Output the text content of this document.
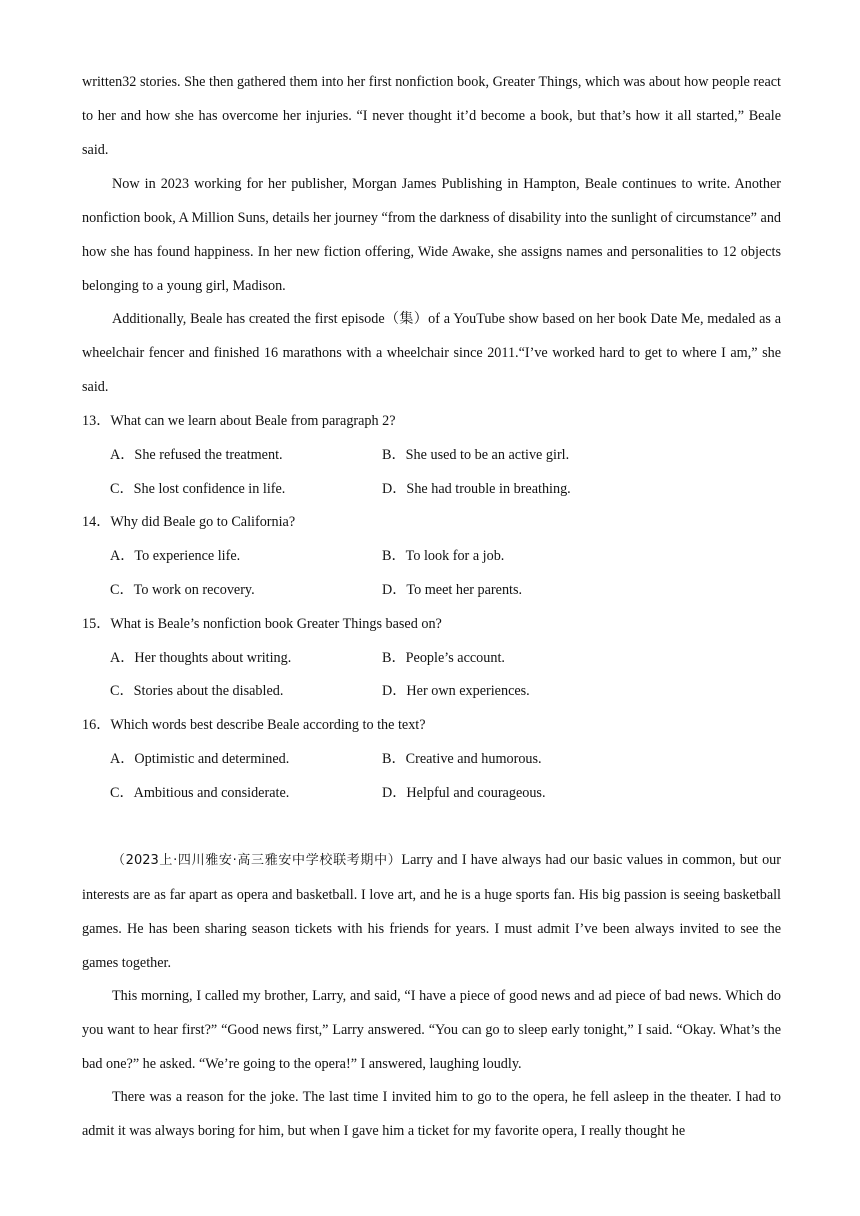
written32 stories. She then gathered them into her first nonfiction book, Greater Things, which was about how people react to her and how she has overcome her injuries. “I never thought it’d become a book, but that’s how it all started,” Beale said.

Now in 2023 working for her publisher, Morgan James Publishing in Hampton, Beale continues to write. Another nonfiction book, A Million Suns, details her journey “from the darkness of disability into the sunlight of circumstance” and how she has found happiness. In her new fiction offering, Wide Awake, she assigns names and personalities to 12 objects belonging to a young girl, Madison.

Additionally, Beale has created the first episode（集）of a YouTube show based on her book Date Me, medaled as a wheelchair fencer and finished 16 marathons with a wheelchair since 2011.“I’ve worked hard to get to where I am,” she said.

13．What can we learn about Beale from paragraph 2?

A．She refused the treatment.	B．She used to be an active girl.

C．She lost confidence in life.	D．She had trouble in breathing.

14．Why did Beale go to California?

A．To experience life.	B．To look for a job.

C．To work on recovery.	D．To meet her parents.

15．What is Beale’s nonfiction book Greater Things based on?

A．Her thoughts about writing.	B．People’s account.

C．Stories about the disabled.	D．Her own experiences.

16．Which words best describe Beale according to the text?

A．Optimistic and determined.	B．Creative and humorous.

C．Ambitious and considerate.	D．Helpful and courageous.

（2023上·四川雅安·高三雅安中学校联考期中）Larry and I have always had our basic values in common, but our interests are as far apart as opera and basketball. I love art, and he is a huge sports fan. His big passion is seeing basketball games. He has been sharing season tickets with his friends for years. I must admit I’ve been always invited to see the games together.

This morning, I called my brother, Larry, and said, “I have a piece of good news and ad piece of bad news. Which do you want to hear first?” “Good news first,” Larry answered. “You can go to sleep early tonight,” I said. “Okay. What’s the bad one?” he asked. “We’re going to the opera!” I answered, laughing loudly.

There was a reason for the joke. The last time I invited him to go to the opera, he fell asleep in the theater. I had to admit it was always boring for him, but when I gave him a ticket for my favorite opera, I really thought he
